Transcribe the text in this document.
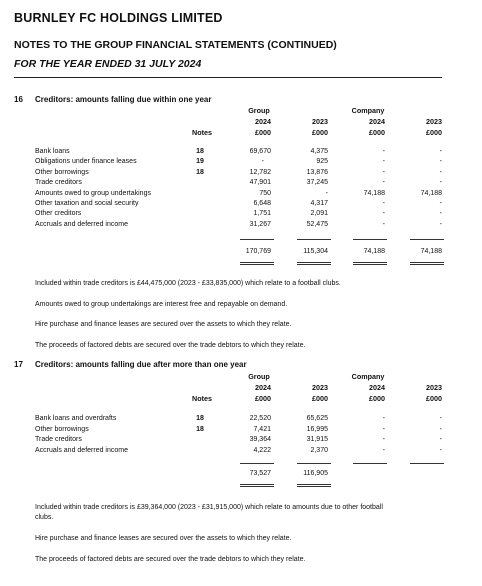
BURNLEY FC HOLDINGS LIMITED
NOTES TO THE GROUP FINANCIAL STATEMENTS (CONTINUED)
FOR THE YEAR ENDED 31 JULY 2024
16 Creditors: amounts falling due within one year
Group	Company
2024	2023	2024	2023
Notes	£000	£000	£000	£000
Bank loans	18	69,670	4,375	-	-
Obligations under finance leases	19	-	925	-	-
Other borrowings	18	12,782	13,876	-	-
Trade creditors	47,901	37,245	-	-
Amounts owed to group undertakings	750	-	74,188	74,188
Other taxation and social security	6,648	4,317	-	-
Other creditors	1,751	2,091	-	-
Accruals and deferred income	31,267	52,475	-	-
170,769	115,304	74,188	74,188
Included within trade creditors is £44,475,000 (2023 - £33,835,000) which relate to a football clubs.
Amounts owed to group undertakings are interest free and repayable on demand.
Hire purchase and finance leases are secured over the assets to which they relate.
The proceeds of factored debts are secured over the trade debtors to which they relate.
17 Creditors: amounts falling due after more than one year
Group	Company
2024	2023	2024	2023
Notes	£000	£000	£000	£000
Bank loans and overdrafts	18	22,520	65,625	-	-
Other borrowings	18	7,421	16,995	-	-
Trade creditors	39,364	31,915	-	-
Accruals and deferred income	4,222	2,370	-	-
73,527	116,905
Included within trade creditors is £39,364,000 (2023 - £31,915,000) which relate to amounts due to other football clubs.
Hire purchase and finance leases are secured over the assets to which they relate.
The proceeds of factored debts are secured over the trade debtors to which they relate.
